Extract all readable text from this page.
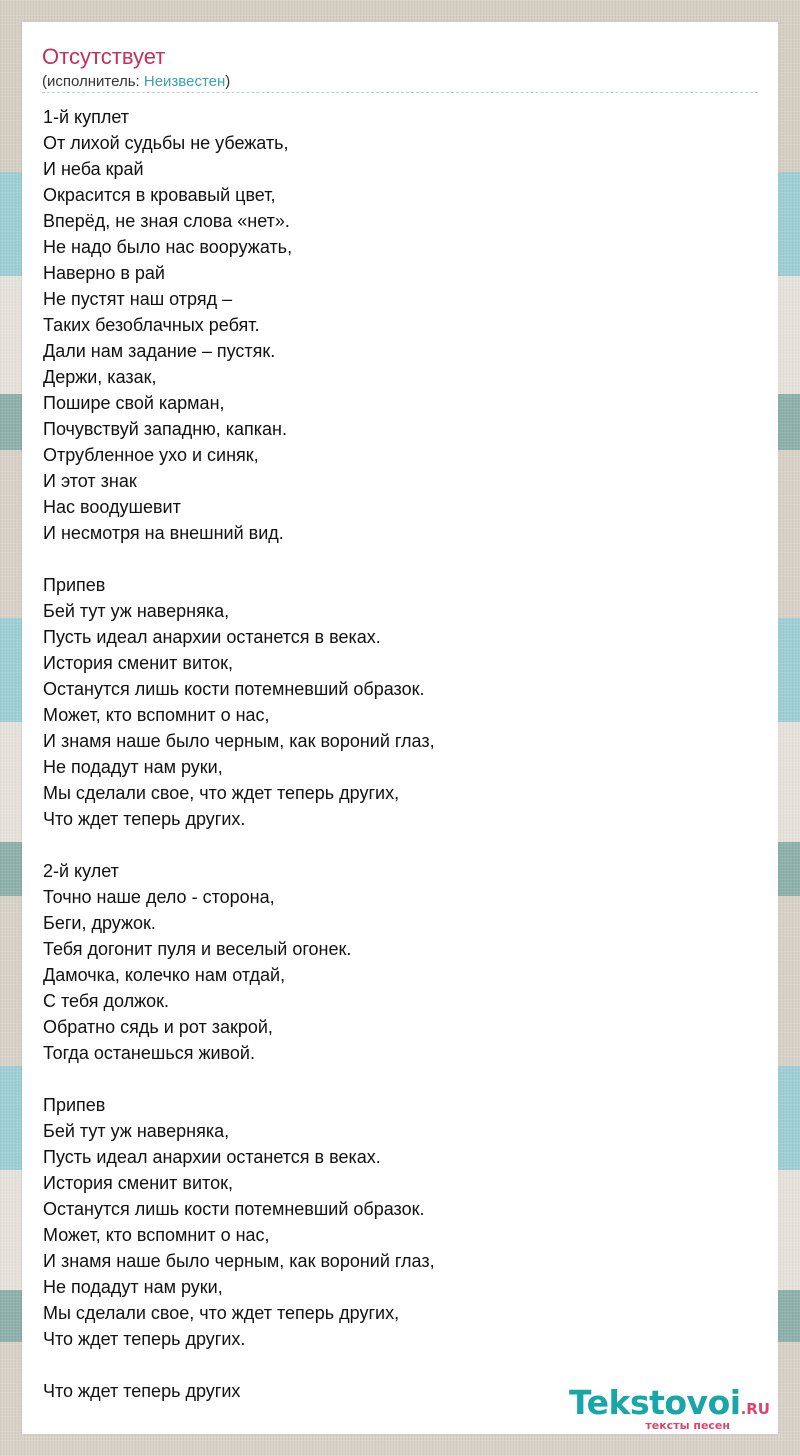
Отсутствует
(исполнитель: Неизвестен)
1-й куплет
От лихой судьбы не убежать,
И неба край
Окрасится в кровавый цвет,
Вперёд, не зная слова «нет».
Не надо было нас вооружать,
Наверно в рай
Не пустят наш отряд –
Таких безоблачных ребят.
Дали нам задание – пустяк.
Держи, казак,
Пошире свой карман,
Почувствуй западню, капкан.
Отрубленное ухо и синяк,
И этот знак
Нас воодушевит
И несмотря на внешний вид.
Припев
Бей тут уж наверняка,
Пусть идеал анархии останется в веках.
История сменит виток,
Останутся лишь кости потемневший образок.
Может, кто вспомнит о нас,
И знамя наше было черным, как вороний глаз,
Не подадут нам руки,
Мы сделали свое, что ждет теперь других,
Что ждет теперь других.
2-й кулет
Точно наше дело - сторона,
Беги, дружок.
Тебя догонит пуля и веселый огонек.
Дамочка, колечко нам отдай,
С тебя должок.
Обратно сядь и рот закрой,
Тогда останешься живой.
Припев
Бей тут уж наверняка,
Пусть идеал анархии останется в веках.
История сменит виток,
Останутся лишь кости потемневший образок.
Может, кто вспомнит о нас,
И знамя наше было черным, как вороний глаз,
Не подадут нам руки,
Мы сделали свое, что ждет теперь других,
Что ждет теперь других.
Что ждет теперь других	Tekstovoi.RU
тексты песен
